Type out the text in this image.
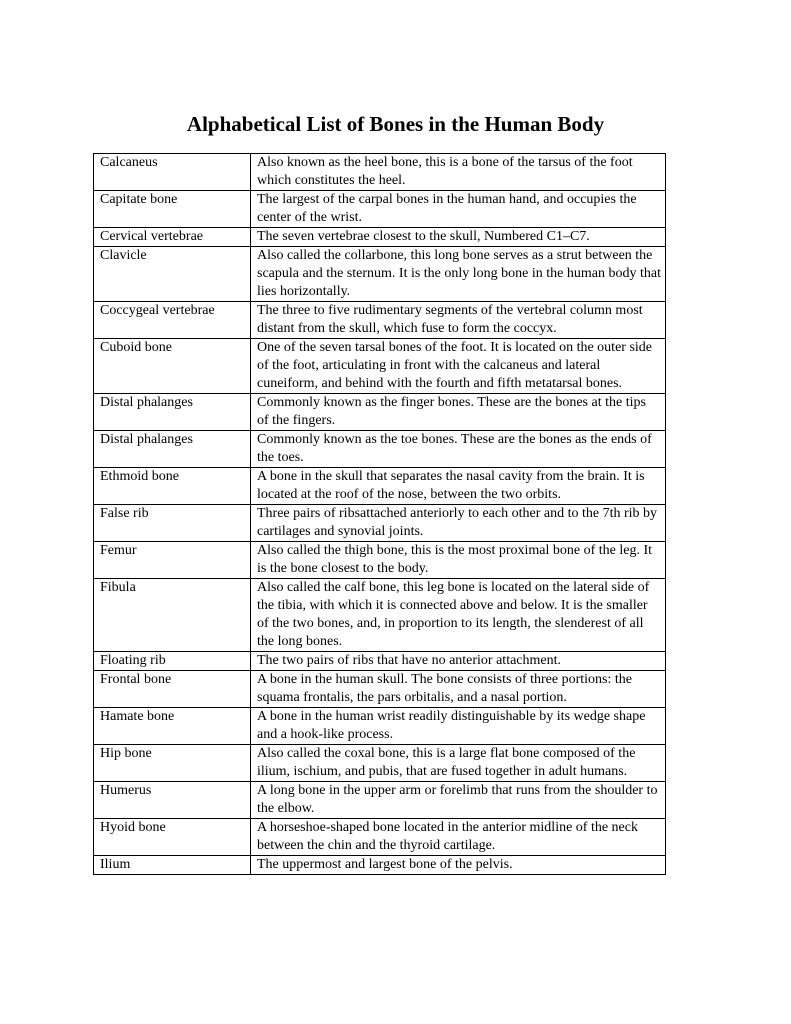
Alphabetical List of Bones in the Human Body
Calcaneus	Also known as the heel bone, this is a bone of the tarsus of the foot which constitutes the heel.
Capitate bone	The largest of the carpal bones in the human hand, and occupies the center of the wrist.
Cervical vertebrae	The seven vertebrae closest to the skull, Numbered C1–C7.
Clavicle	Also called the collarbone, this long bone serves as a strut between the scapula and the sternum. It is the only long bone in the human body that lies horizontally.
Coccygeal vertebrae	The three to five rudimentary segments of the vertebral column most distant from the skull, which fuse to form the coccyx.
Cuboid bone	One of the seven tarsal bones of the foot. It is located on the outer side of the foot, articulating in front with the calcaneus and lateral cuneiform, and behind with the fourth and fifth metatarsal bones.
Distal phalanges	Commonly known as the finger bones. These are the bones at the tips of the fingers.
Distal phalanges	Commonly known as the toe bones. These are the bones as the ends of the toes.
Ethmoid bone	A bone in the skull that separates the nasal cavity from the brain. It is located at the roof of the nose, between the two orbits.
False rib	Three pairs of ribsattached anteriorly to each other and to the 7th rib by cartilages and synovial joints.
Femur	Also called the thigh bone, this is the most proximal bone of the leg. It is the bone closest to the body.
Fibula	Also called the calf bone, this leg bone is located on the lateral side of the tibia, with which it is connected above and below. It is the smaller of the two bones, and, in proportion to its length, the slenderest of all the long bones.
Floating rib	The two pairs of ribs that have no anterior attachment.
Frontal bone	A bone in the human skull. The bone consists of three portions: the squama frontalis, the pars orbitalis, and a nasal portion.
Hamate bone	A bone in the human wrist readily distinguishable by its wedge shape and a hook-like process.
Hip bone	Also called the coxal bone, this is a large flat bone composed of the ilium, ischium, and pubis, that are fused together in adult humans.
Humerus	A long bone in the upper arm or forelimb that runs from the shoulder to the elbow.
Hyoid bone	A horseshoe-shaped bone located in the anterior midline of the neck between the chin and the thyroid cartilage.
Ilium	The uppermost and largest bone of the pelvis.
